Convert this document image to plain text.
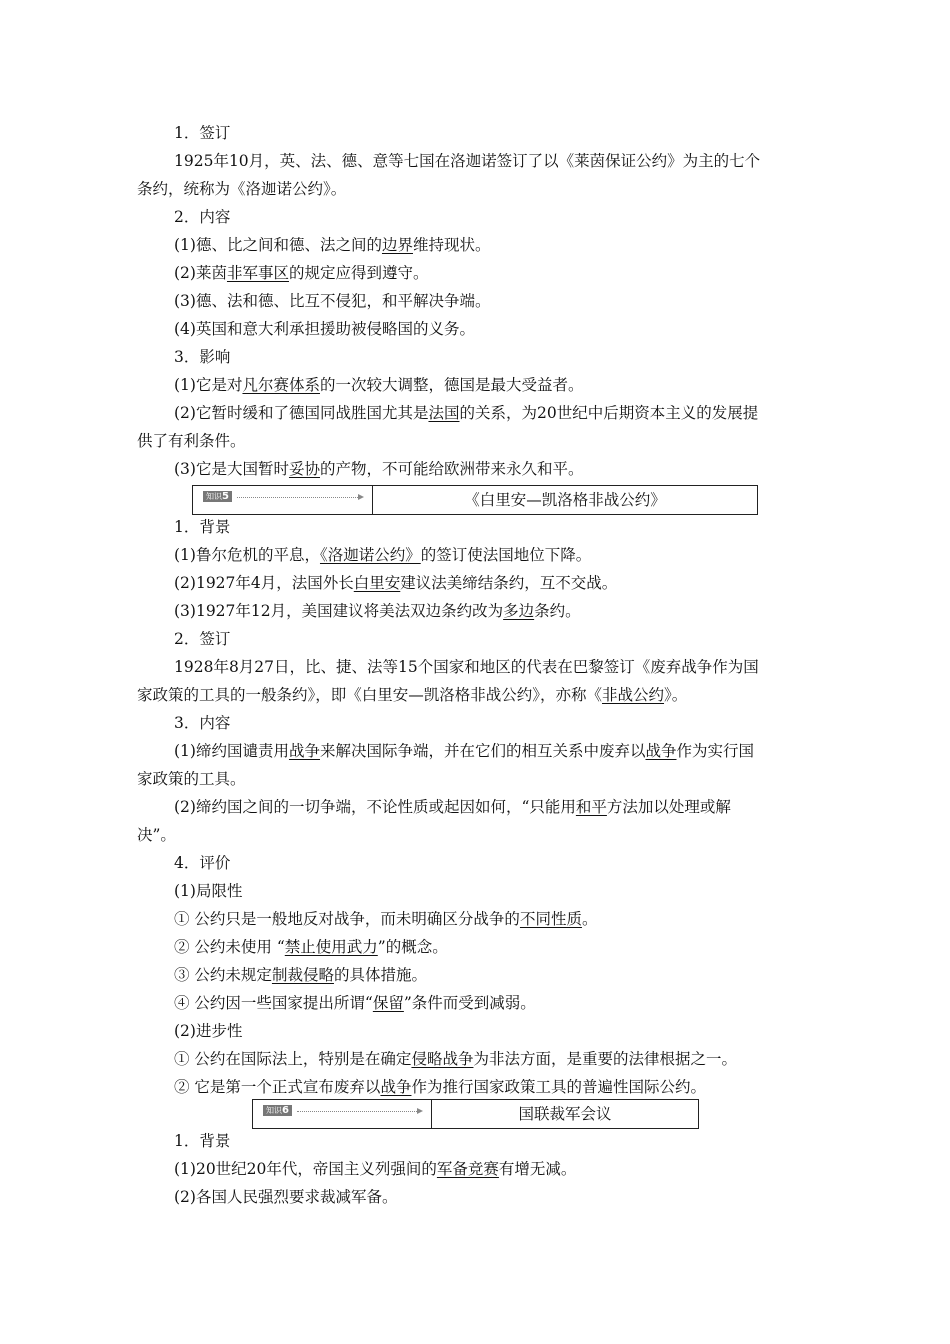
1．签订
1925年10月，英、法、德、意等七国在洛迦诺签订了以《莱茵保证公约》为主的七个
条约，统称为《洛迦诺公约》。
2．内容
(1)德、比之间和德、法之间的边界维持现状。
(2)莱茵非军事区的规定应得到遵守。
(3)德、法和德、比互不侵犯，和平解决争端。
(4)英国和意大利承担援助被侵略国的义务。
3．影响
(1)它是对凡尔赛体系的一次较大调整，德国是最大受益者。
(2)它暂时缓和了德国同战胜国尤其是法国的关系，为20世纪中后期资本主义的发展提
供了有利条件。
(3)它是大国暂时妥协的产物，不可能给欧洲带来永久和平。
知识5	《白里安—凯洛格非战公约》
1．背景
(1)鲁尔危机的平息，《洛迦诺公约》的签订使法国地位下降。
(2)1927年4月，法国外长白里安建议法美缔结条约，互不交战。
(3)1927年12月，美国建议将美法双边条约改为多边条约。
2．签订
1928年8月27日，比、捷、法等15个国家和地区的代表在巴黎签订《废弃战争作为国
家政策的工具的一般条约》，即《白里安—凯洛格非战公约》，亦称《非战公约》。
3．内容
(1)缔约国谴责用战争来解决国际争端，并在它们的相互关系中废弃以战争作为实行国
家政策的工具。
(2)缔约国之间的一切争端，不论性质或起因如何，“只能用和平方法加以处理或解
决”。
4．评价
(1)局限性
① 公约只是一般地反对战争，而未明确区分战争的不同性质。
② 公约未使用 “禁止使用武力”的概念。
③ 公约未规定制裁侵略的具体措施。
④ 公约因一些国家提出所谓“保留”条件而受到减弱。
(2)进步性
① 公约在国际法上，特别是在确定侵略战争为非法方面，是重要的法律根据之一。
② 它是第一个正式宣布废弃以战争作为推行国家政策工具的普遍性国际公约。
知识6	国联裁军会议
1．背景
(1)20世纪20年代，帝国主义列强间的军备竞赛有增无减。
(2)各国人民强烈要求裁减军备。
